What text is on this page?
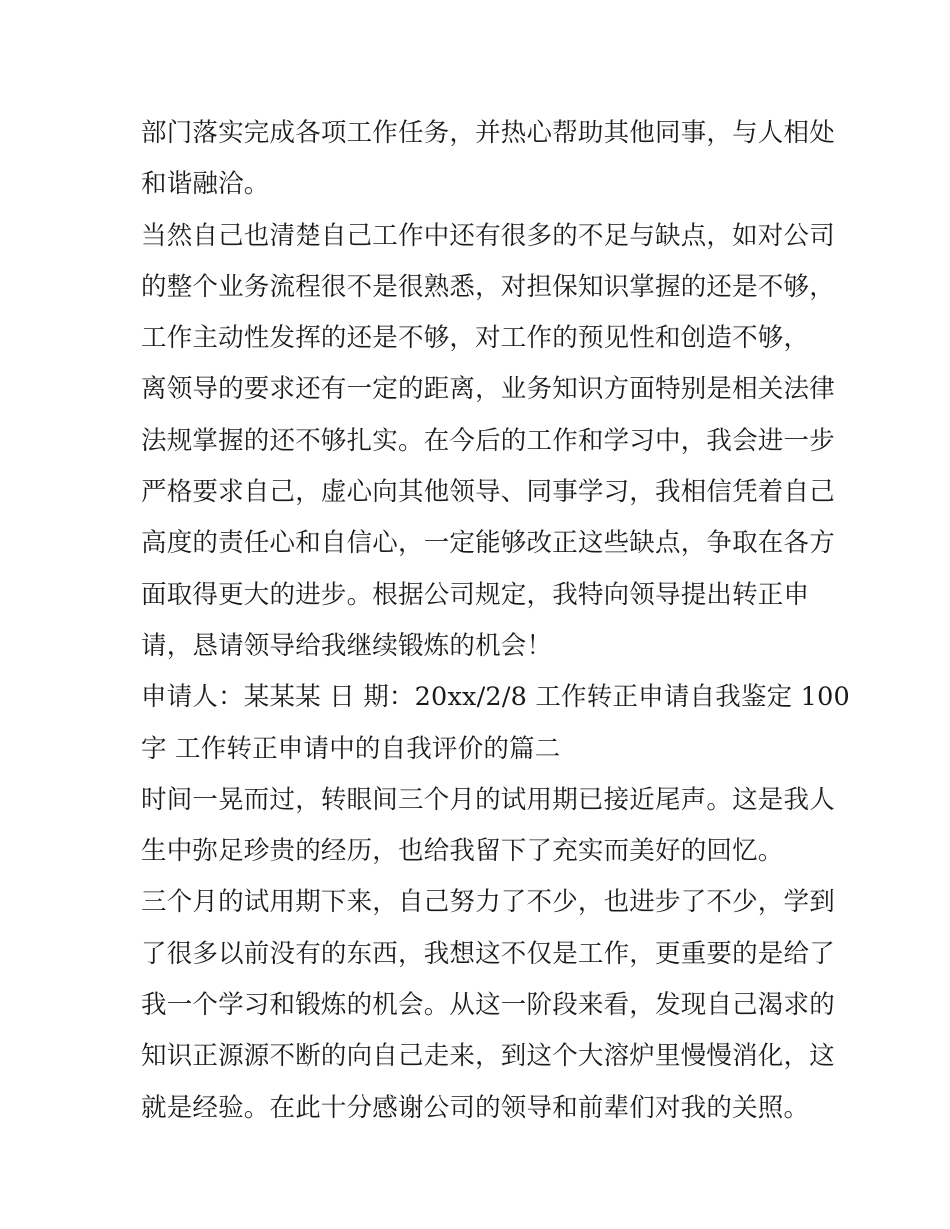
部门落实完成各项工作任务，并热心帮助其他同事，与人相处
和谐融洽。
当然自己也清楚自己工作中还有很多的不足与缺点，如对公司
的整个业务流程很不是很熟悉，对担保知识掌握的还是不够，
工作主动性发挥的还是不够，对工作的预见性和创造不够，
离领导的要求还有一定的距离，业务知识方面特别是相关法律
法规掌握的还不够扎实。在今后的工作和学习中，我会进一步
严格要求自己，虚心向其他领导、同事学习，我相信凭着自己
高度的责任心和自信心，一定能够改正这些缺点，争取在各方
面取得更大的进步。根据公司规定，我特向领导提出转正申
请，恳请领导给我继续锻炼的机会！
申请人：某某某 日 期：20xx/2/8 工作转正申请自我鉴定 100
字 工作转正申请中的自我评价的篇二
时间一晃而过，转眼间三个月的试用期已接近尾声。这是我人
生中弥足珍贵的经历，也给我留下了充实而美好的回忆。
三个月的试用期下来，自己努力了不少，也进步了不少，学到
了很多以前没有的东西，我想这不仅是工作，更重要的是给了
我一个学习和锻炼的机会。从这一阶段来看，发现自己渴求的
知识正源源不断的向自己走来，到这个大溶炉里慢慢消化，这
就是经验。在此十分感谢公司的领导和前辈们对我的关照。
